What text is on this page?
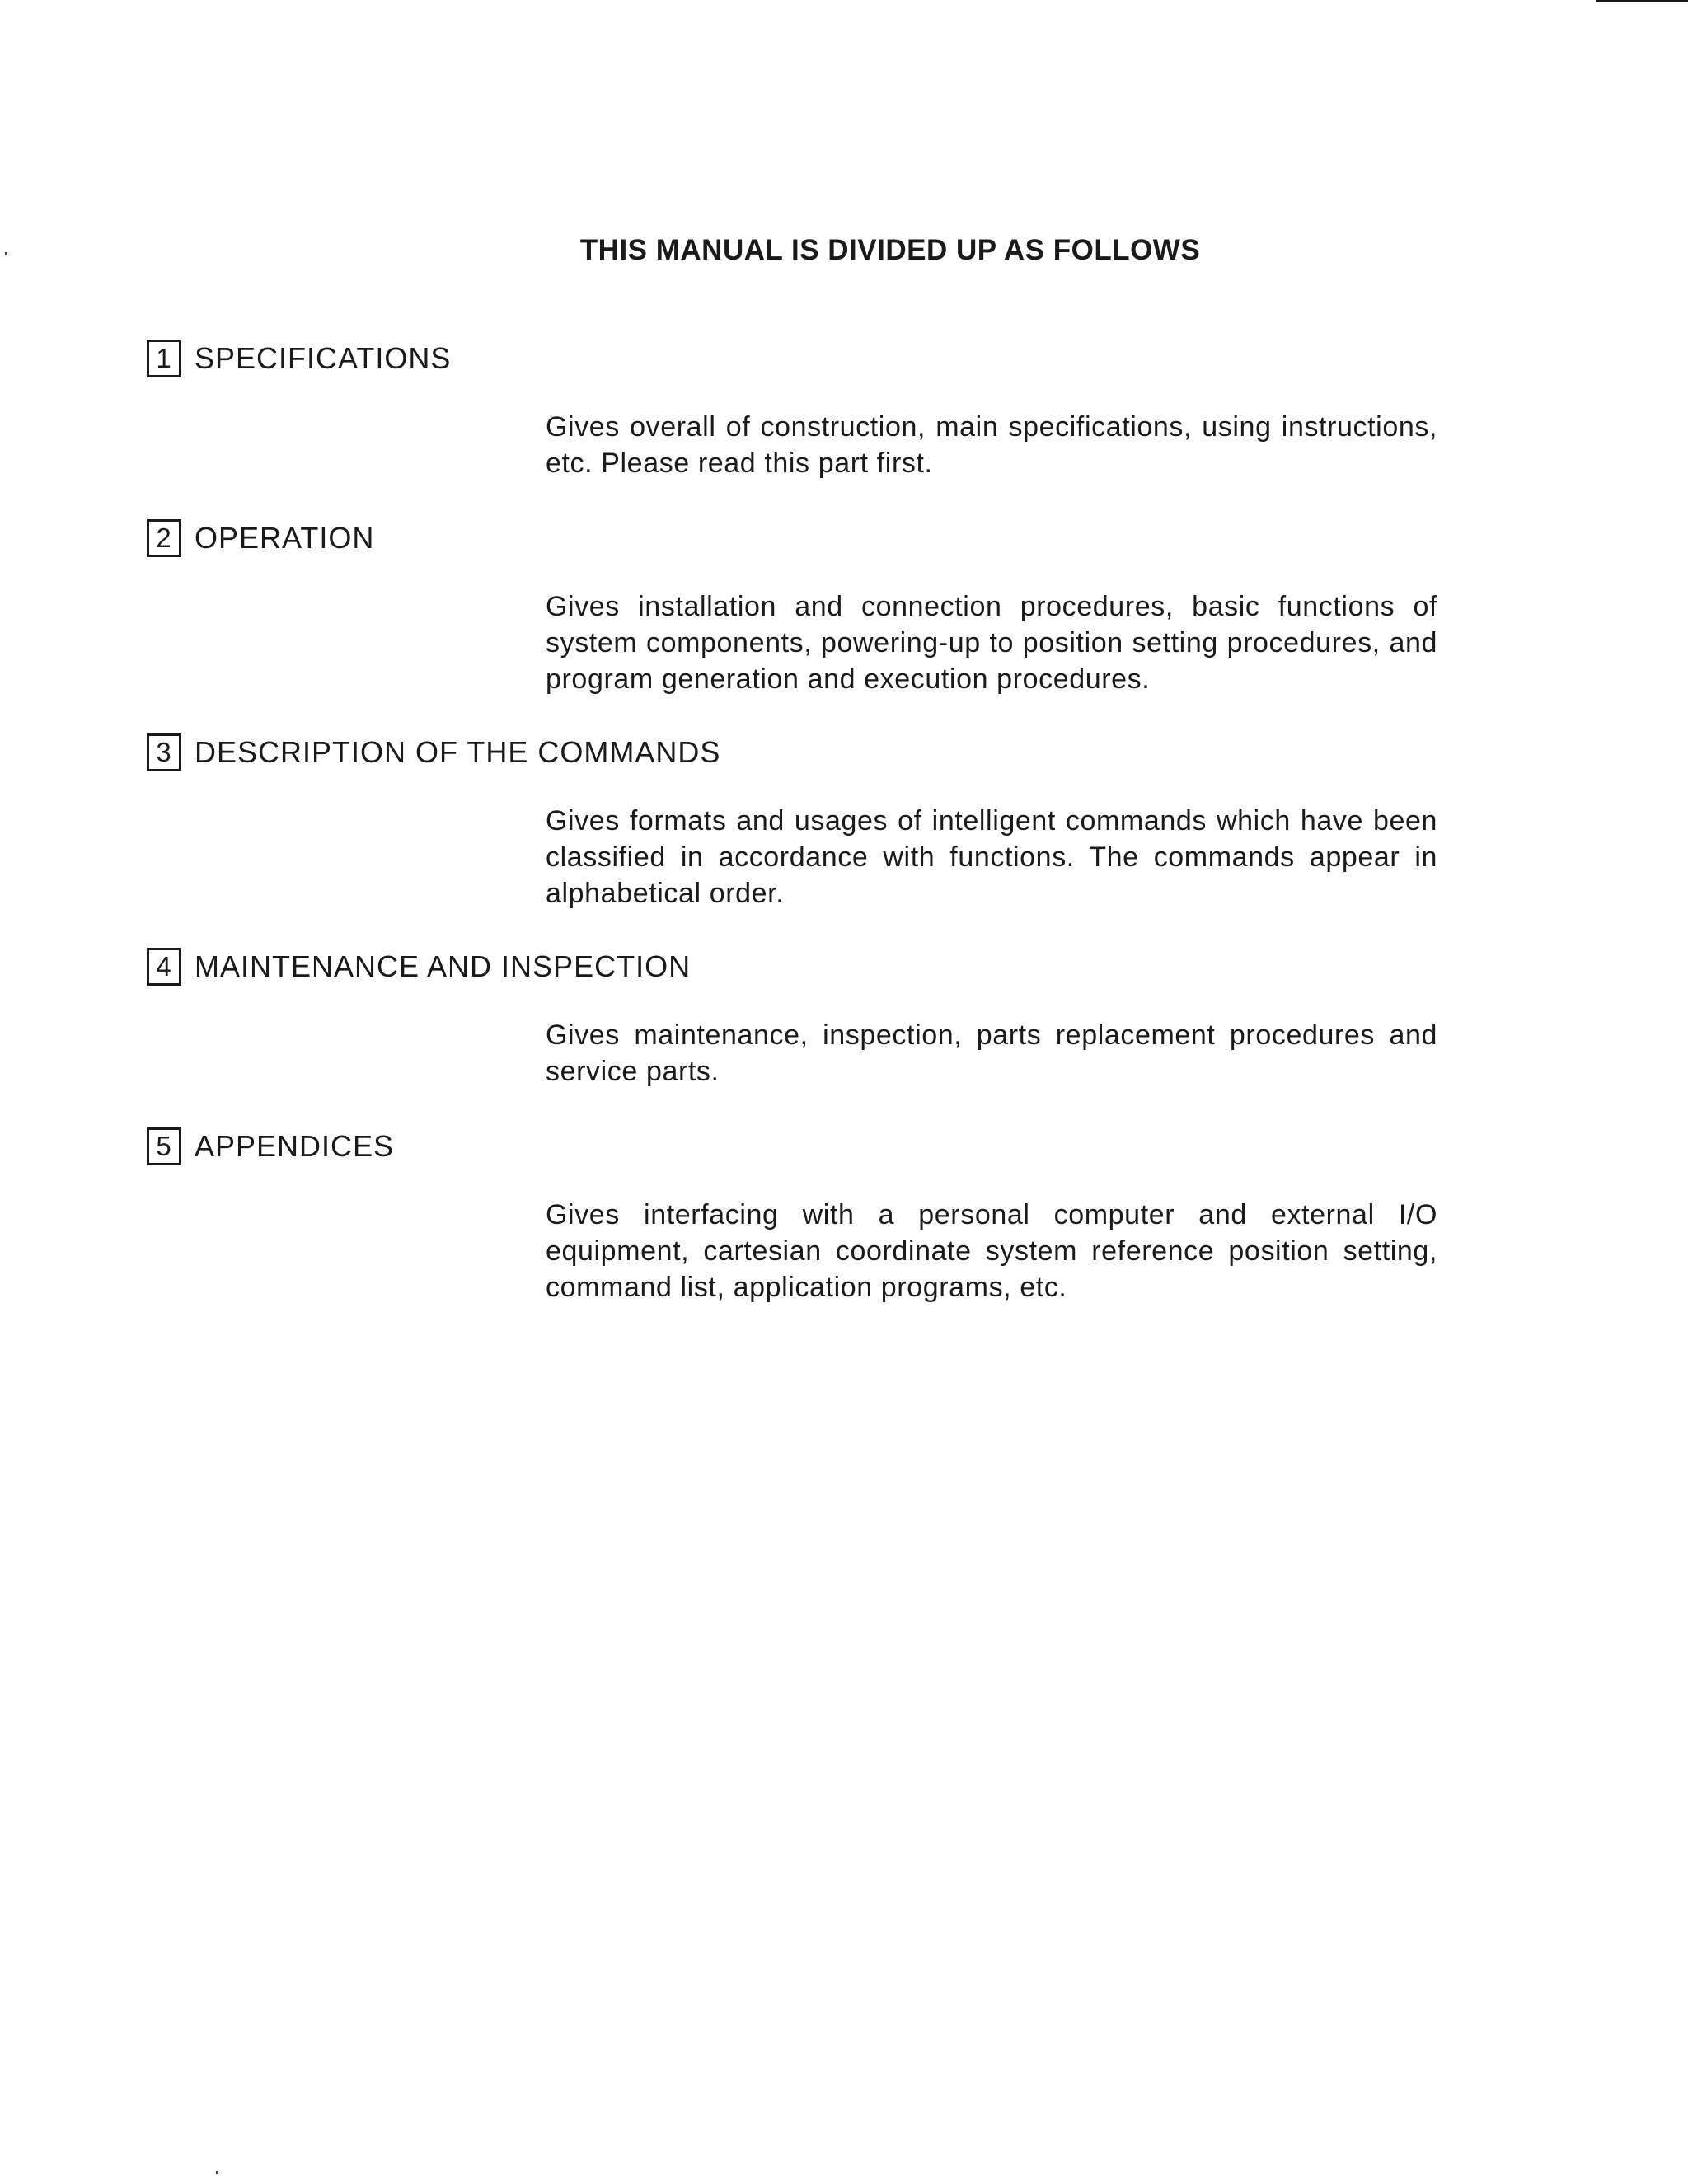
THIS MANUAL IS DIVIDED UP AS FOLLOWS
1 SPECIFICATIONS

Gives overall of construction, main specifications, using instructions, etc. Please read this part first.

2 OPERATION

Gives installation and connection procedures, basic functions of system components, powering-up to position setting procedures, and program generation and execution procedures.

3 DESCRIPTION OF THE COMMANDS

Gives formats and usages of intelligent commands which have been classified in accordance with functions. The commands appear in alphabetical order.

4 MAINTENANCE AND INSPECTION

Gives maintenance, inspection, parts replacement procedures and service parts.

5 APPENDICES

Gives interfacing with a personal computer and external I/O equipment, cartesian coordinate system reference position setting, command list, application programs, etc.
